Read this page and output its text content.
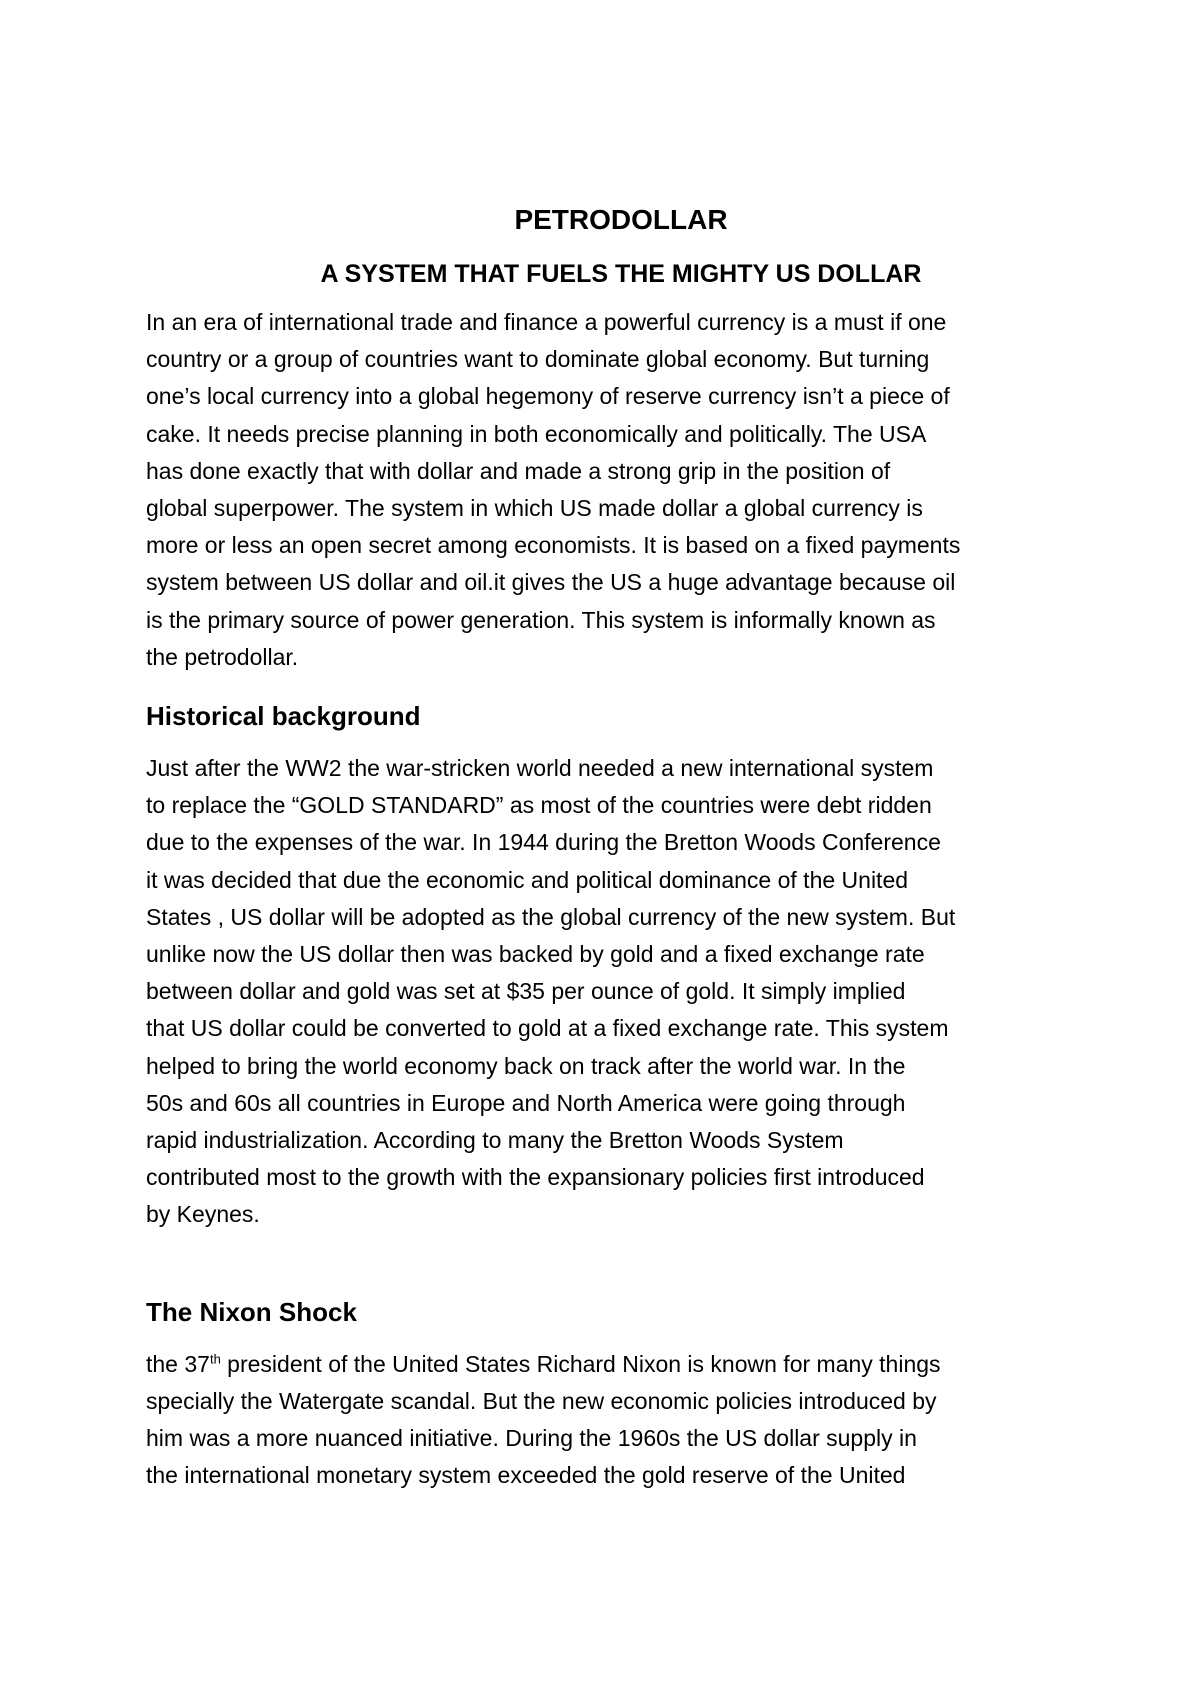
PETRODOLLAR
A SYSTEM THAT FUELS THE MIGHTY US DOLLAR

In an era of international trade and finance a powerful currency is a must if one
country or a group of countries want to dominate global economy. But turning
one’s local currency into a global hegemony of reserve currency isn’t a piece of
cake. It needs precise planning in both economically and politically. The USA
has done exactly that with dollar and made a strong grip in the position of
global superpower. The system in which US made dollar a global currency is
more or less an open secret among economists. It is based on a fixed payments
system between US dollar and oil.it gives the US a huge advantage because oil
is the primary source of power generation. This system is informally known as
the petrodollar.

Historical background

Just after the WW2 the war-stricken world needed a new international system
to replace the “GOLD STANDARD” as most of the countries were debt ridden
due to the expenses of the war. In 1944 during the Bretton Woods Conference
it was decided that due the economic and political dominance of the United
States , US dollar will be adopted as the global currency of the new system. But
unlike now the US dollar then was backed by gold and a fixed exchange rate
between dollar and gold was set at $35 per ounce of gold. It simply implied
that US dollar could be converted to gold at a fixed exchange rate. This system
helped to bring the world economy back on track after the world war. In the
50s and 60s all countries in Europe and North America were going through
rapid industrialization. According to many the Bretton Woods System
contributed most to the growth with the expansionary policies first introduced
by Keynes.

The Nixon Shock

the 37th president of the United States Richard Nixon is known for many things
specially the Watergate scandal. But the new economic policies introduced by
him was a more nuanced initiative. During the 1960s the US dollar supply in
the international monetary system exceeded the gold reserve of the United
